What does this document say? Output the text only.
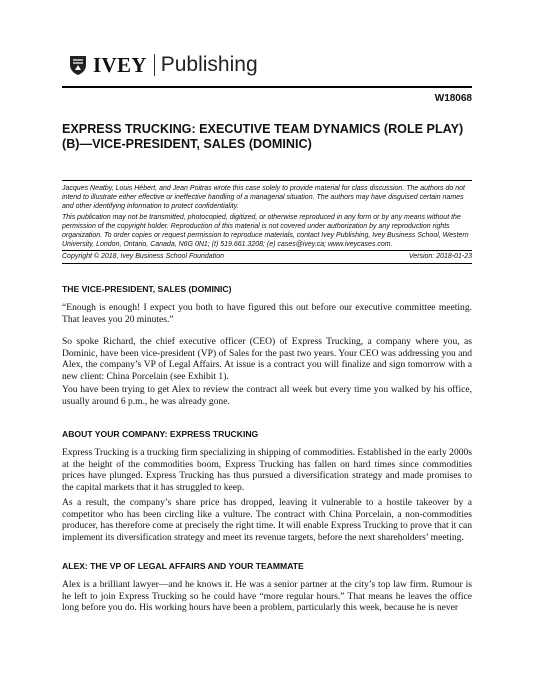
IVEY Publishing
W18068
EXPRESS TRUCKING: EXECUTIVE TEAM DYNAMICS (ROLE PLAY)
(B)—VICE-PRESIDENT, SALES (DOMINIC)
Jacques Neatby, Louis Hébert, and Jean Poitras wrote this case solely to provide material for class discussion. The authors do not intend to illustrate either effective or ineffective handling of a managerial situation. The authors may have disguised certain names and other identifying information to protect confidentiality.
This publication may not be transmitted, photocopied, digitized, or otherwise reproduced in any form or by any means without the permission of the copyright holder. Reproduction of this material is not covered under authorization by any reproduction rights organization. To order copies or request permission to reproduce materials, contact Ivey Publishing, Ivey Business School, Western University, London, Ontario, Canada, N6G 0N1; (t) 519.661.3208; (e) cases@ivey.ca; www.iveycases.com.
Copyright © 2018, Ivey Business School Foundation	Version: 2018-01-23
THE VICE-PRESIDENT, SALES (DOMINIC)
“Enough is enough! I expect you both to have figured this out before our executive committee meeting. That leaves you 20 minutes.”
So spoke Richard, the chief executive officer (CEO) of Express Trucking, a company where you, as Dominic, have been vice-president (VP) of Sales for the past two years. Your CEO was addressing you and Alex, the company’s VP of Legal Affairs. At issue is a contract you will finalize and sign tomorrow with a new client: China Porcelain (see Exhibit 1).
You have been trying to get Alex to review the contract all week but every time you walked by his office, usually around 6 p.m., he was already gone.
ABOUT YOUR COMPANY: EXPRESS TRUCKING
Express Trucking is a trucking firm specializing in shipping of commodities. Established in the early 2000s at the height of the commodities boom, Express Trucking has fallen on hard times since commodities prices have plunged. Express Trucking has thus pursued a diversification strategy and made promises to the capital markets that it has struggled to keep.
As a result, the company’s share price has dropped, leaving it vulnerable to a hostile takeover by a competitor who has been circling like a vulture. The contract with China Porcelain, a non-commodities producer, has therefore come at precisely the right time. It will enable Express Trucking to prove that it can implement its diversification strategy and meet its revenue targets, before the next shareholders’ meeting.
ALEX: THE VP OF LEGAL AFFAIRS AND YOUR TEAMMATE
Alex is a brilliant lawyer—and he knows it. He was a senior partner at the city’s top law firm. Rumour is he left to join Express Trucking so he could have “more regular hours.” That means he leaves the office long before you do. His working hours have been a problem, particularly this week, because he is never
